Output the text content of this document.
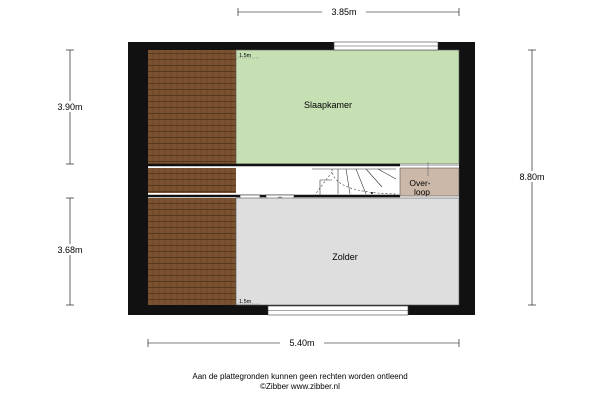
Slaapkamer
Over-
loop
Zolder
1.5m
1.5m
3.85m
5.40m
3.90m
3.68m
8.80m
Aan de plattegronden kunnen geen rechten worden ontleend
©Zibber www.zibber.nl
